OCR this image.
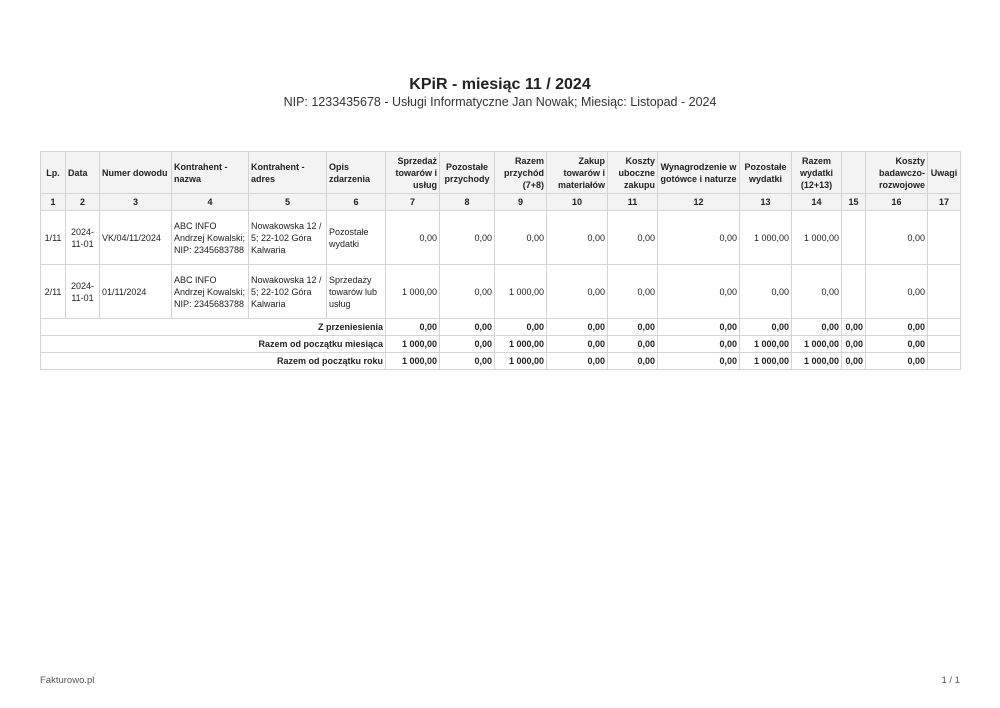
KPiR - miesiąc 11 / 2024
NIP: 1233435678 - Usługi Informatyczne Jan Nowak; Miesiąc: Listopad - 2024
Lp.	Data	Numer dowodu	Kontrahent - nazwa	Kontrahent - adres	Opis zdarzenia	Sprzedaż towarów i usług	Pozostałe przychody	Razem przychód (7+8)	Zakup towarów i materiałów	Koszty uboczne zakupu	Wynagrodzenie w gotówce i naturze	Pozostałe wydatki	Razem wydatki (12+13)		Koszty badawczo-rozwojowe	Uwagi
1	2	3	4	5	6	7	8	9	10	11	12	13	14	15	16	17
1/11	2024-11-01	VK/04/11/2024	ABC INFO Andrzej Kowalski; NIP: 2345683788	Nowakowska 12 / 5; 22-102 Góra Kalwaria	Pozostałe wydatki	0,00	0,00	0,00	0,00	0,00	0,00	1 000,00	1 000,00		0,00	
2/11	2024-11-01	01/11/2024	ABC INFO Andrzej Kowalski; NIP: 2345683788	Nowakowska 12 / 5; 22-102 Góra Kalwaria	Sprzedaży towarów lub usług	1 000,00	0,00	1 000,00	0,00	0,00	0,00	0,00	0,00		0,00	
Z przeniesienia						0,00	0,00	0,00	0,00	0,00	0,00	0,00	0,00	0,00	0,00	
Razem od początku miesiąca						1 000,00	0,00	1 000,00	0,00	0,00	0,00	1 000,00	1 000,00	0,00	0,00	
Razem od początku roku						1 000,00	0,00	1 000,00	0,00	0,00	0,00	1 000,00	1 000,00	0,00	0,00	
Fakturowo.pl	1 / 1
